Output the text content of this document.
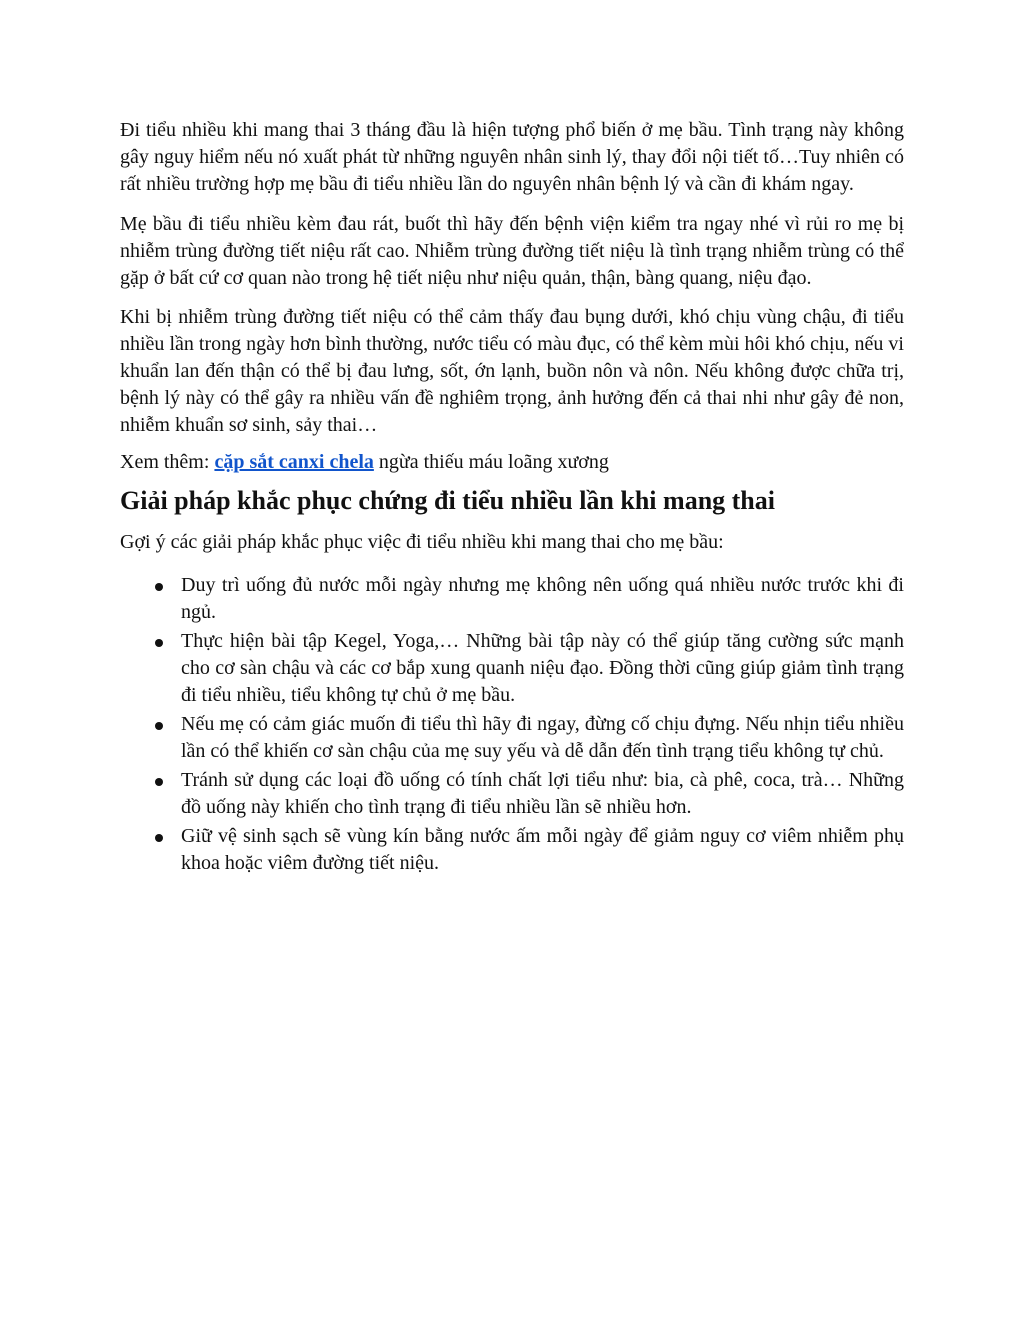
Đi tiểu nhiều khi mang thai 3 tháng đầu là hiện tượng phổ biến ở mẹ bầu. Tình trạng này không gây nguy hiểm nếu nó xuất phát từ những nguyên nhân sinh lý, thay đổi nội tiết tố…Tuy nhiên có rất nhiều trường hợp mẹ bầu đi tiểu nhiều lần do nguyên nhân bệnh lý và cần đi khám ngay.

Mẹ bầu đi tiểu nhiều kèm đau rát, buốt thì hãy đến bệnh viện kiểm tra ngay nhé vì rủi ro mẹ bị nhiễm trùng đường tiết niệu rất cao. Nhiễm trùng đường tiết niệu là tình trạng nhiễm trùng có thể gặp ở bất cứ cơ quan nào trong hệ tiết niệu như niệu quản, thận, bàng quang, niệu đạo.

Khi bị nhiễm trùng đường tiết niệu có thể cảm thấy đau bụng dưới, khó chịu vùng chậu, đi tiểu nhiều lần trong ngày hơn bình thường, nước tiểu có màu đục, có thể kèm mùi hôi khó chịu, nếu vi khuẩn lan đến thận có thể bị đau lưng, sốt, ớn lạnh, buồn nôn và nôn. Nếu không được chữa trị, bệnh lý này có thể gây ra nhiều vấn đề nghiêm trọng, ảnh hưởng đến cả thai nhi như gây đẻ non, nhiễm khuẩn sơ sinh, sảy thai…

Xem thêm: cặp sắt canxi chela ngừa thiếu máu loãng xương

Giải pháp khắc phục chứng đi tiểu nhiều lần khi mang thai

Gợi ý các giải pháp khắc phục việc đi tiểu nhiều khi mang thai cho mẹ bầu:

Duy trì uống đủ nước mỗi ngày nhưng mẹ không nên uống quá nhiều nước trước khi đi ngủ.
Thực hiện bài tập Kegel, Yoga,… Những bài tập này có thể giúp tăng cường sức mạnh cho cơ sàn chậu và các cơ bắp xung quanh niệu đạo. Đồng thời cũng giúp giảm tình trạng đi tiểu nhiều, tiểu không tự chủ ở mẹ bầu.
Nếu mẹ có cảm giác muốn đi tiểu thì hãy đi ngay, đừng cố chịu đựng. Nếu nhịn tiểu nhiều lần có thể khiến cơ sàn chậu của mẹ suy yếu và dễ dẫn đến tình trạng tiểu không tự chủ.
Tránh sử dụng các loại đồ uống có tính chất lợi tiểu như: bia, cà phê, coca, trà… Những đồ uống này khiến cho tình trạng đi tiểu nhiều lần sẽ nhiều hơn.
Giữ vệ sinh sạch sẽ vùng kín bằng nước ấm mỗi ngày để giảm nguy cơ viêm nhiễm phụ khoa hoặc viêm đường tiết niệu.
